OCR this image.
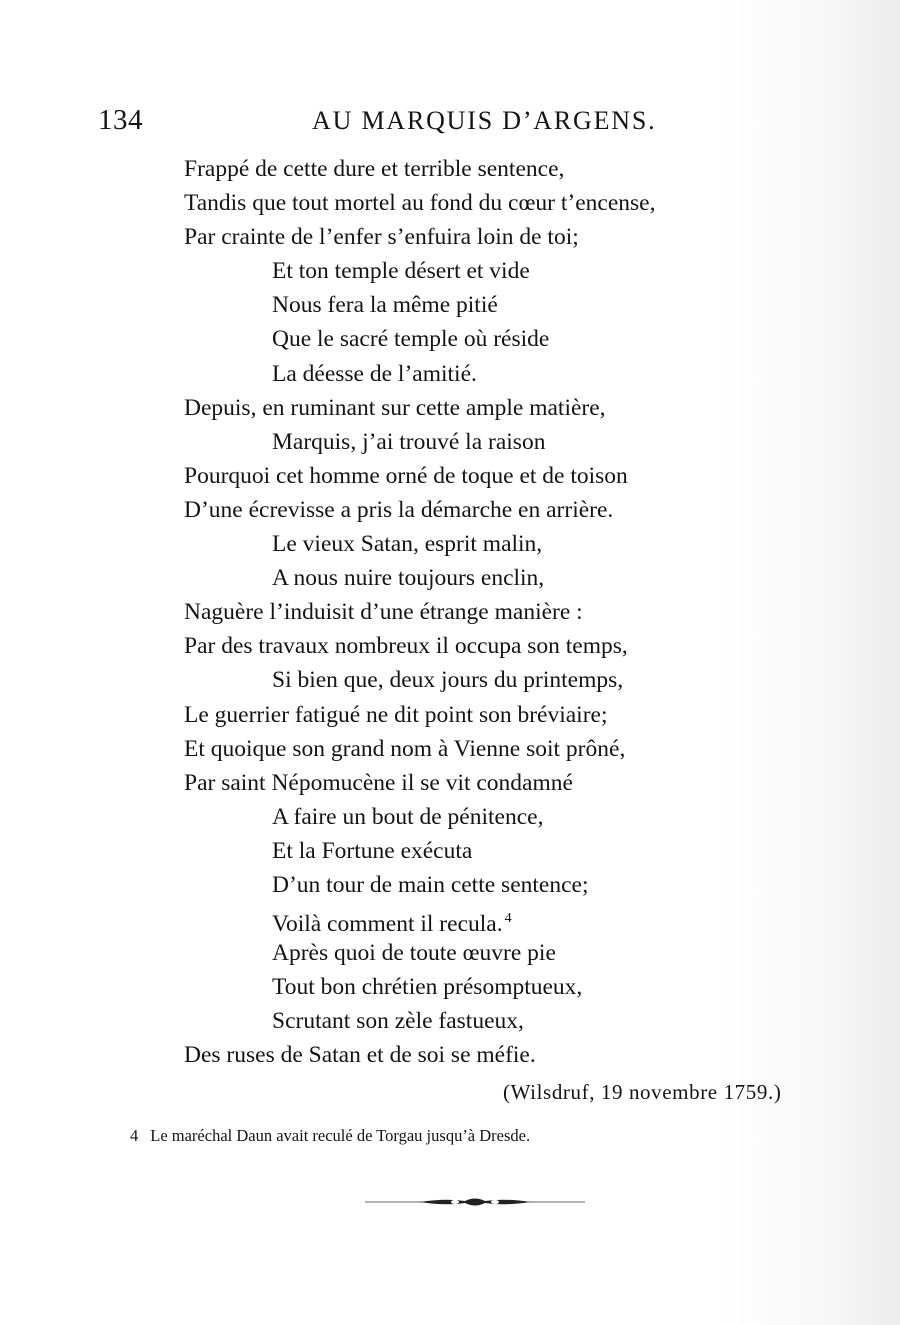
134	AU MARQUIS D’ARGENS.
Frappé de cette dure et terrible sentence,
Tandis que tout mortel au fond du cœur t’encense,
Par crainte de l’enfer s’enfuira loin de toi;
Et ton temple désert et vide
Nous fera la même pitié
Que le sacré temple où réside
La déesse de l’amitié.
Depuis, en ruminant sur cette ample matière,
Marquis, j’ai trouvé la raison
Pourquoi cet homme orné de toque et de toison
D’une écrevisse a pris la démarche en arrière.
Le vieux Satan, esprit malin,
A nous nuire toujours enclin,
Naguère l’induisit d’une étrange manière :
Par des travaux nombreux il occupa son temps,
Si bien que, deux jours du printemps,
Le guerrier fatigué ne dit point son bréviaire;
Et quoique son grand nom à Vienne soit prôné,
Par saint Népomucène il se vit condamné
A faire un bout de pénitence,
Et la Fortune exécuta
D’un tour de main cette sentence;
Voilà comment il recula. $^4$
Après quoi de toute œuvre pie
Tout bon chrétien présomptueux,
Scrutant son zèle fastueux,
Des ruses de Satan et de soi se méfie.
(Wilsdruf, 19 novembre 1759.)
4 Le maréchal Daun avait reculé de Torgau jusqu’à Dresde.
